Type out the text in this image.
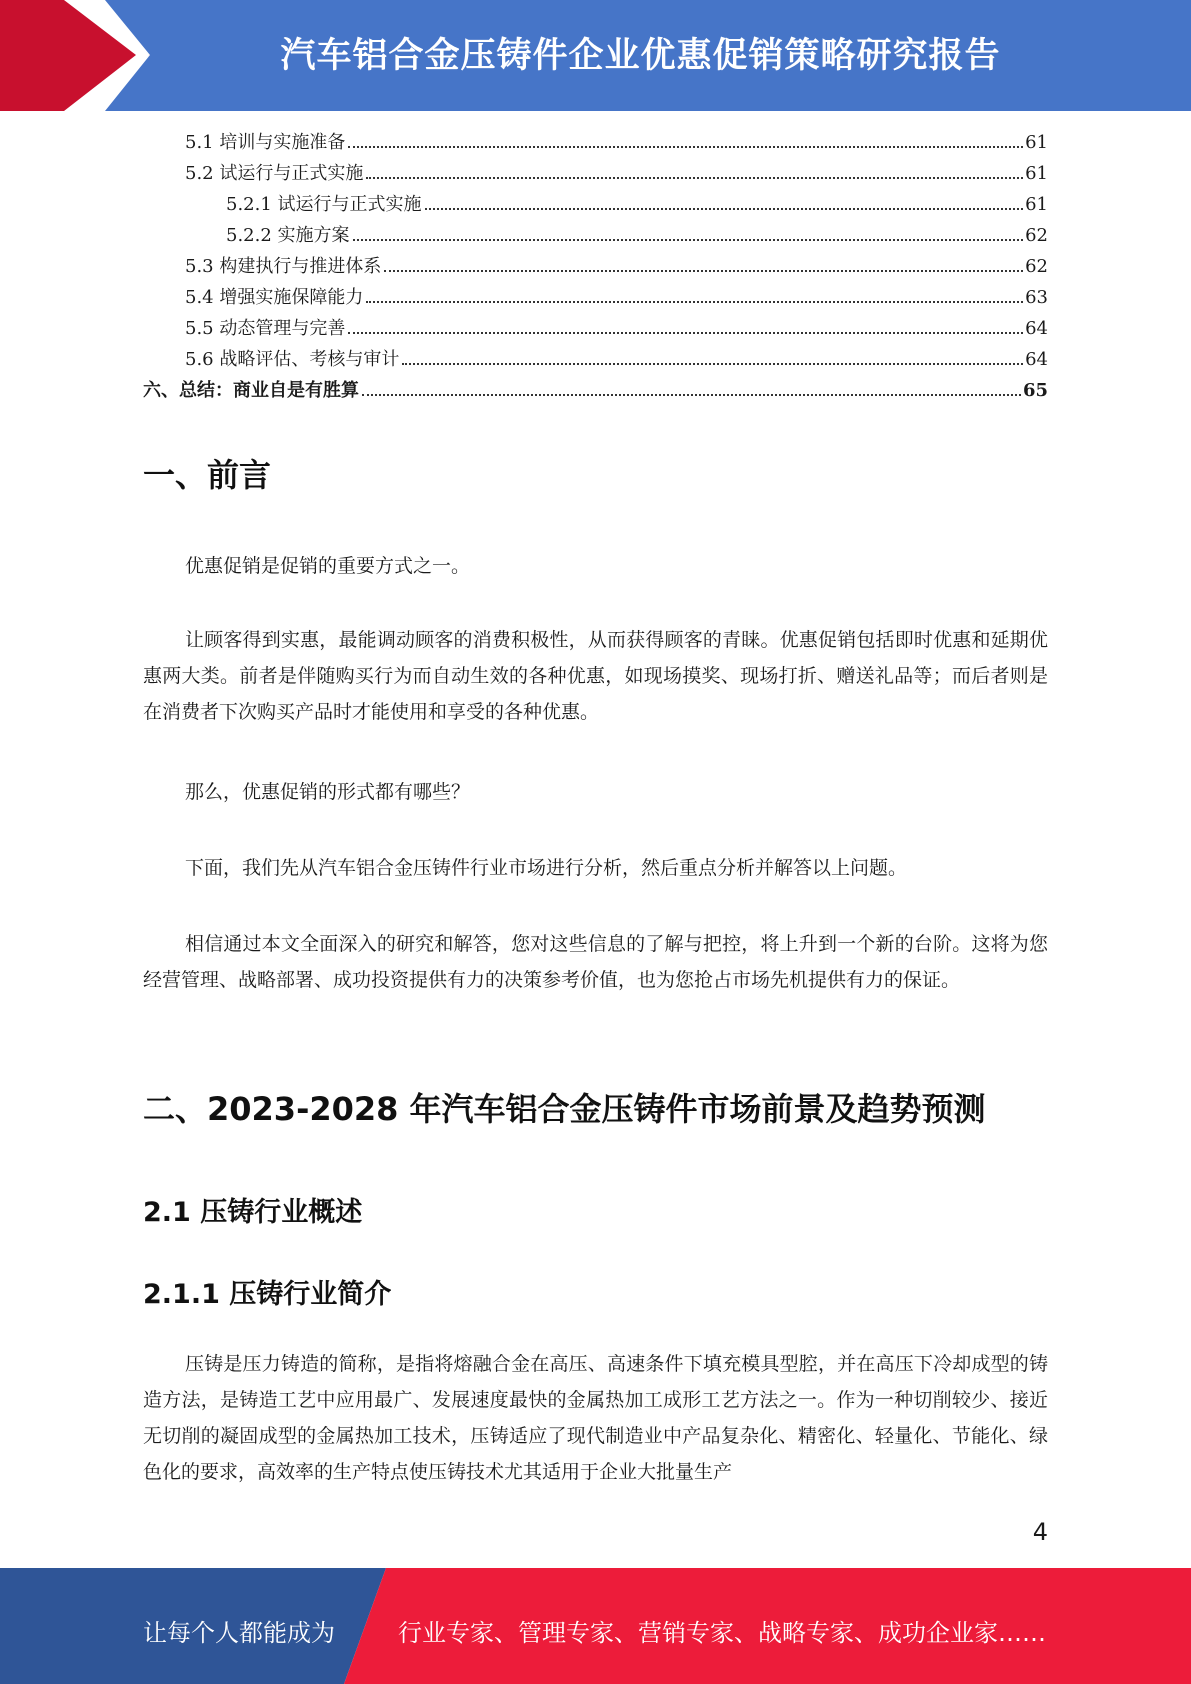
汽车铝合金压铸件企业优惠促销策略研究报告
5.1 培训与实施准备	61
5.2 试运行与正式实施	61
5.2.1 试运行与正式实施	61
5.2.2 实施方案	62
5.3 构建执行与推进体系	62
5.4 增强实施保障能力	63
5.5 动态管理与完善	64
5.6 战略评估、考核与审计	64
六、总结：商业自是有胜算	65
一、前言

优惠促销是促销的重要方式之一。

让顾客得到实惠，最能调动顾客的消费积极性，从而获得顾客的青睐。优惠促销包括即时优惠和延期优惠两大类。前者是伴随购买行为而自动生效的各种优惠，如现场摸奖、现场打折、赠送礼品等；而后者则是在消费者下次购买产品时才能使用和享受的各种优惠。

那么，优惠促销的形式都有哪些？

下面，我们先从汽车铝合金压铸件行业市场进行分析，然后重点分析并解答以上问题。

相信通过本文全面深入的研究和解答，您对这些信息的了解与把控，将上升到一个新的台阶。这将为您经营管理、战略部署、成功投资提供有力的决策参考价值，也为您抢占市场先机提供有力的保证。

二、2023-2028 年汽车铝合金压铸件市场前景及趋势预测
2.1 压铸行业概述
2.1.1 压铸行业简介

压铸是压力铸造的简称，是指将熔融合金在高压、高速条件下填充模具型腔，并在高压下冷却成型的铸造方法，是铸造工艺中应用最广、发展速度最快的金属热加工成形工艺方法之一。作为一种切削较少、接近无切削的凝固成型的金属热加工技术，压铸适应了现代制造业中产品复杂化、精密化、轻量化、节能化、绿色化的要求，高效率的生产特点使压铸技术尤其适用于企业大批量生产

4
让每个人都能成为	行业专家、管理专家、营销专家、战略专家、成功企业家……
